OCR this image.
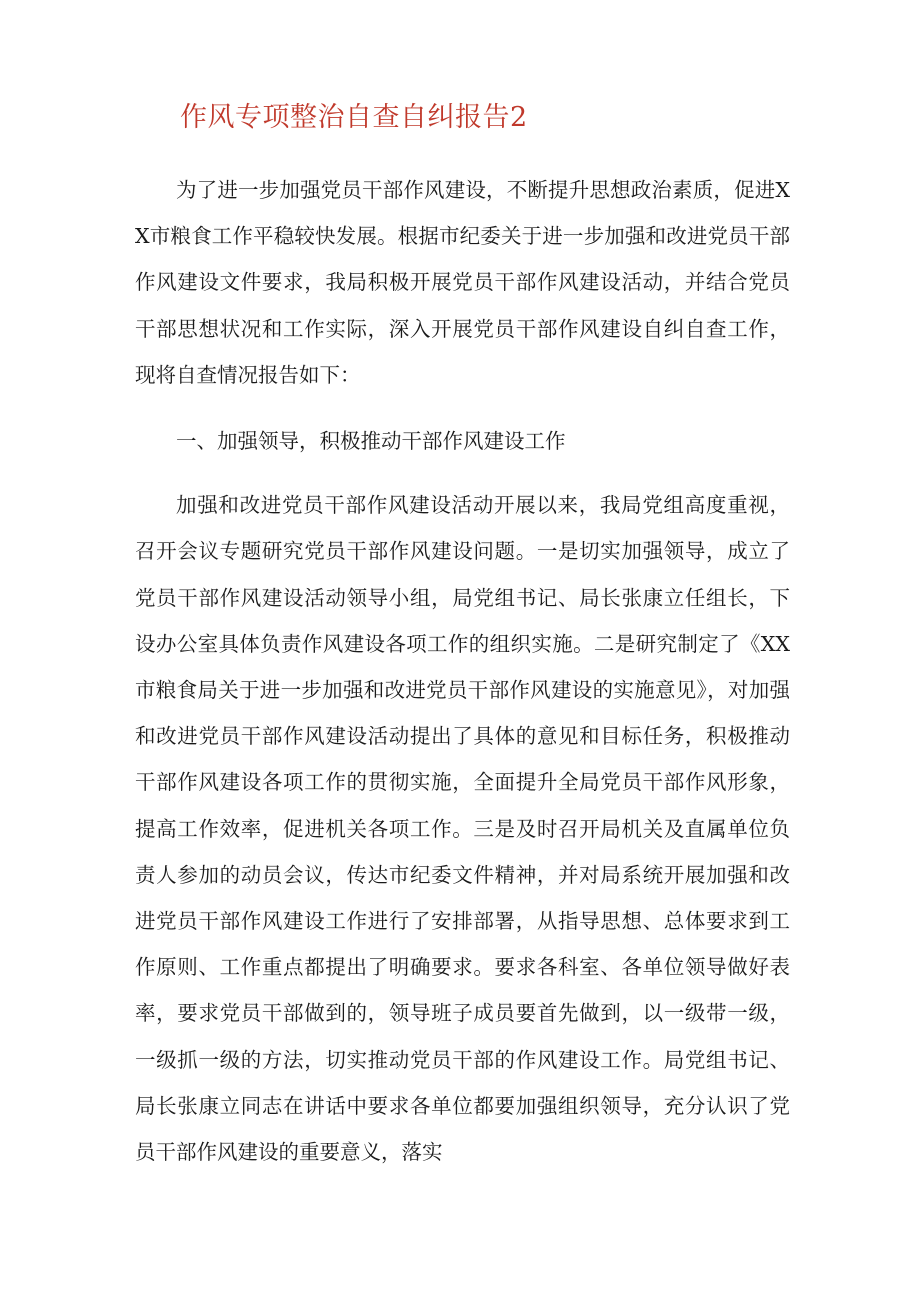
作风专项整治自查自纠报告2

为了进一步加强党员干部作风建设，不断提升思想政治素质，促进XX市粮食工作平稳较快发展。根据市纪委关于进一步加强和改进党员干部作风建设文件要求，我局积极开展党员干部作风建设活动，并结合党员干部思想状况和工作实际，深入开展党员干部作风建设自纠自查工作，现将自查情况报告如下：

一、加强领导，积极推动干部作风建设工作

加强和改进党员干部作风建设活动开展以来，我局党组高度重视，召开会议专题研究党员干部作风建设问题。一是切实加强领导，成立了党员干部作风建设活动领导小组，局党组书记、局长张康立任组长，下设办公室具体负责作风建设各项工作的组织实施。二是研究制定了《XX市粮食局关于进一步加强和改进党员干部作风建设的实施意见》，对加强和改进党员干部作风建设活动提出了具体的意见和目标任务，积极推动干部作风建设各项工作的贯彻实施，全面提升全局党员干部作风形象，提高工作效率，促进机关各项工作。三是及时召开局机关及直属单位负责人参加的动员会议，传达市纪委文件精神，并对局系统开展加强和改进党员干部作风建设工作进行了安排部署，从指导思想、总体要求到工作原则、工作重点都提出了明确要求。要求各科室、各单位领导做好表率，要求党员干部做到的，领导班子成员要首先做到，以一级带一级，一级抓一级的方法，切实推动党员干部的作风建设工作。局党组书记、局长张康立同志在讲话中要求各单位都要加强组织领导，充分认识了党员干部作风建设的重要意义，落实
